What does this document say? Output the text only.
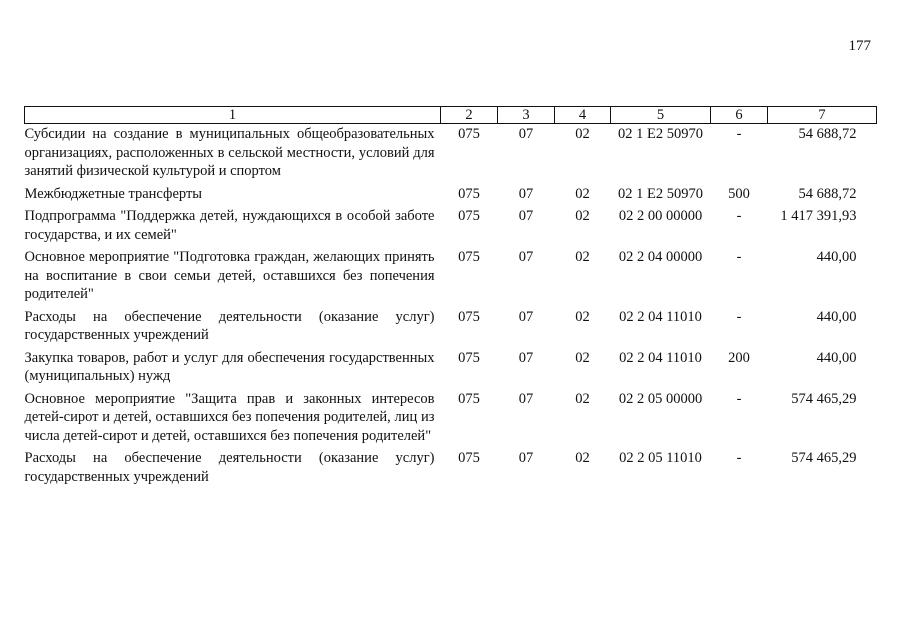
177
1	2	3	4	5	6	7
Субсидии на создание в муниципальных общеобразовательных организациях, расположенных в сельской местности, условий для занятий физической культурой и спортом	075	07	02	02 1 E2 50970	-	54 688,72
Межбюджетные трансферты	075	07	02	02 1 E2 50970	500	54 688,72
Подпрограмма "Поддержка детей, нуждающихся в особой заботе государства, и их семей"	075	07	02	02 2 00 00000	-	1 417 391,93
Основное мероприятие "Подготовка граждан, желающих принять на воспитание в свои семьи детей, оставшихся без попечения родителей"	075	07	02	02 2 04 00000	-	440,00
Расходы на обеспечение деятельности (оказание услуг) государственных учреждений	075	07	02	02 2 04 11010	-	440,00
Закупка товаров, работ и услуг для обеспечения государственных (муниципальных) нужд	075	07	02	02 2 04 11010	200	440,00
Основное мероприятие "Защита прав и законных интересов детей-сирот и детей, оставшихся без попечения родителей, лиц из числа детей-сирот и детей, оставшихся без попечения родителей"	075	07	02	02 2 05 00000	-	574 465,29
Расходы на обеспечение деятельности (оказание услуг) государственных учреждений	075	07	02	02 2 05 11010	-	574 465,29
